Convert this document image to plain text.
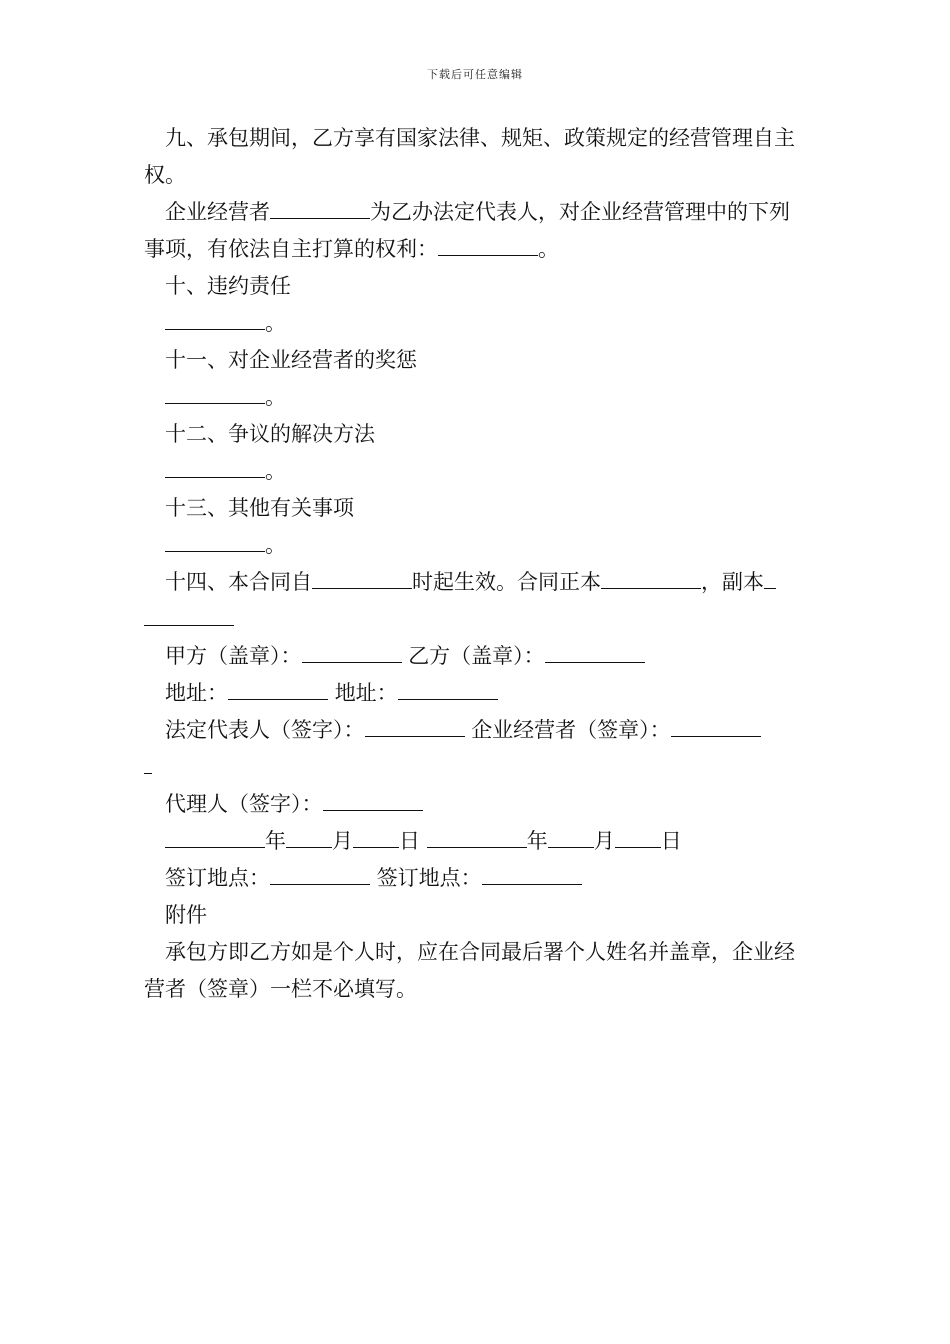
下载后可任意编辑

九、承包期间，乙方享有国家法律、规矩、政策规定的经营管理自主权。

企业经营者	为乙办法定代表人，对企业经营管理中的下列事项，有依法自主打算的权利：	。

十、违约责任

。

十一、对企业经营者的奖惩

。

十二、争议的解决方法

。

十三、其他有关事项

。

十四、本合同自	时起生效。合同正本	，副本

甲方（盖章）：	乙方（盖章）：

地址：	地址：

法定代表人（签字）：	企业经营者（签章）：

代理人（签字）：

年 月 日	年 月 日

签订地点：	签订地点：

附件

承包方即乙方如是个人时，应在合同最后署个人姓名并盖章，企业经营者（签章）一栏不必填写。
